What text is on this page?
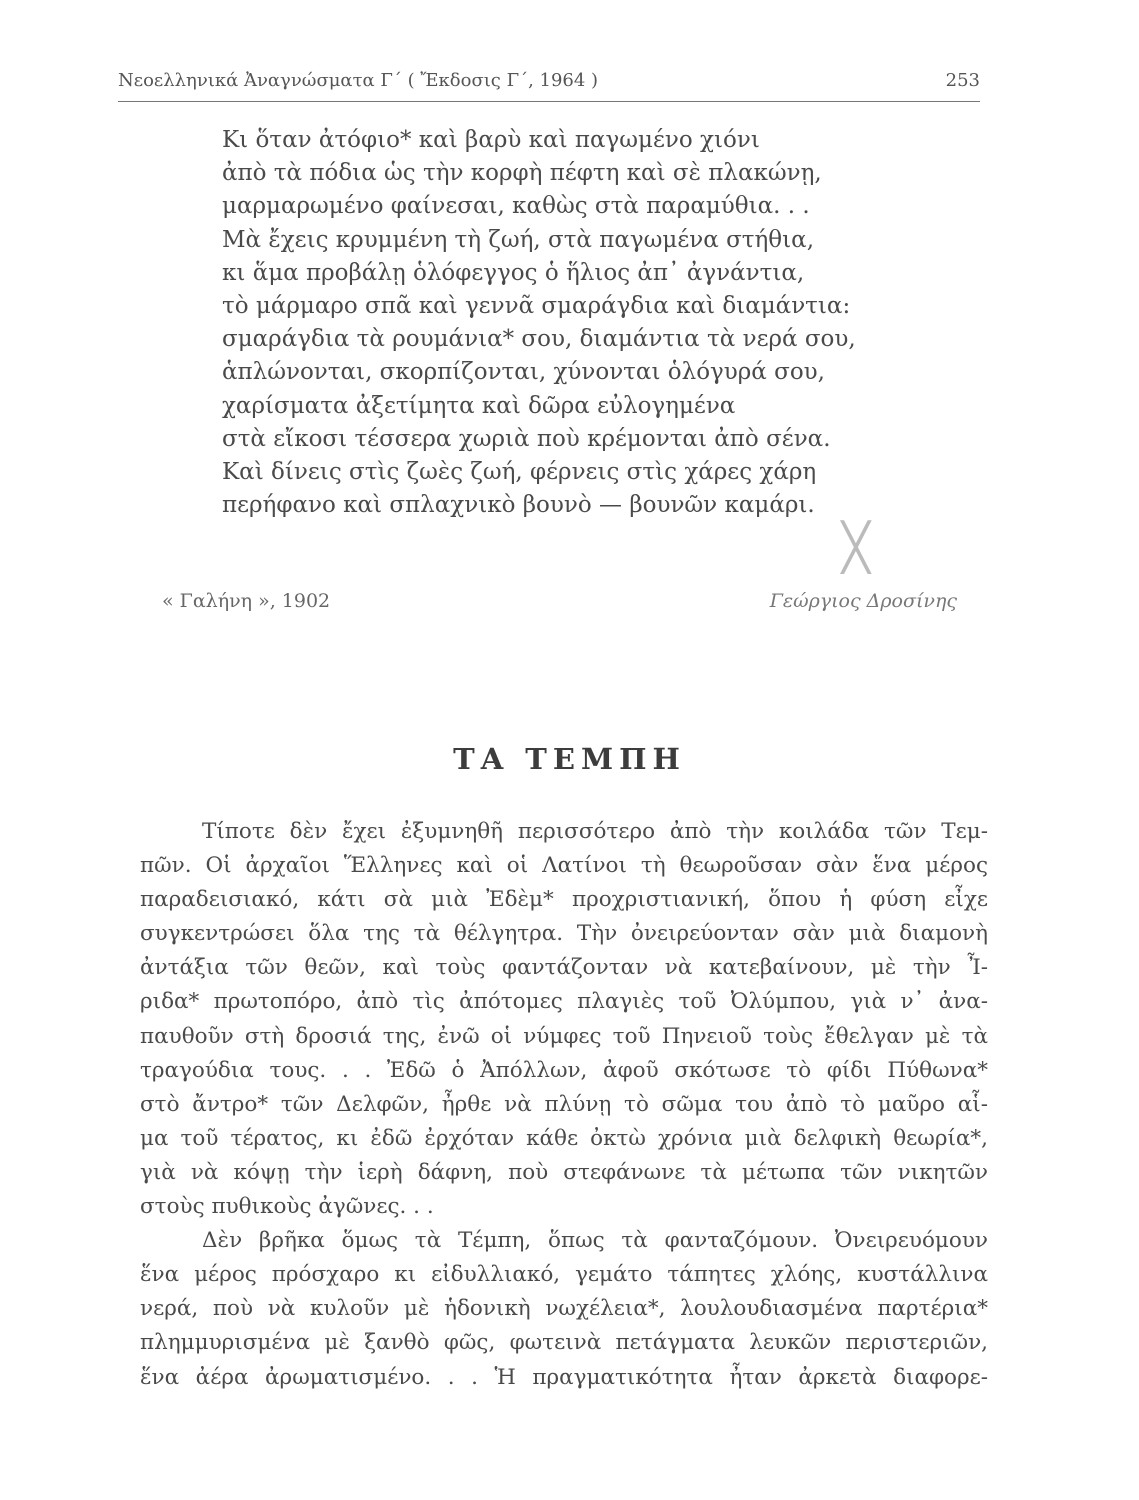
Νεοελληνικά Ἀναγνώσματα Γ΄ ( Ἔκδοσις Γ΄, 1964 )	253
Κι ὅταν ἀτόφιο* καὶ βαρὺ καὶ παγωμένο χιόνι
ἀπὸ τὰ πόδια ὡς τὴν κορφὴ πέφτη καὶ σὲ πλακώνῃ,
μαρμαρωμένο φαίνεσαι, καθὼς στὰ παραμύθια. . .
Μὰ ἔχεις κρυμμένη τὴ ζωή, στὰ παγωμένα στήθια,
κι ἅμα προβάλῃ ὁλόφεγγος ὁ ἥλιος ἀπ᾿ ἀγνάντια,
τὸ μάρμαρο σπᾶ καὶ γεννᾶ σμαράγδια καὶ διαμάντια:
σμαράγδια τὰ ρουμάνια* σου, διαμάντια τὰ νερά σου,
ἁπλώνονται, σκορπίζονται, χύνονται ὁλόγυρά σου,
χαρίσματα ἀξετίμητα καὶ δῶρα εὐλογημένα
στὰ εἴκοσι τέσσερα χωριὰ ποὺ κρέμονται ἀπὸ σένα.
Καὶ δίνεις στὶς ζωὲς ζωή, φέρνεις στὶς χάρες χάρη
περήφανο καὶ σπλαχνικὸ βουνὸ — βουνῶν καμάρι.
╳
« Γαλήνη », 1902	Γεώργιος Δροσίνης
ΤΑ ΤΕΜΠΗ
Τίποτε δὲν ἔχει ἐξυμνηθῆ περισσότερο ἀπὸ τὴν κοιλάδα τῶν Τεμ-
πῶν. Οἱ ἀρχαῖοι Ἕλληνες καὶ οἱ Λατίνοι τὴ θεωροῦσαν σὰν ἕνα μέρος
παραδεισιακό, κάτι σὰ μιὰ Ἐδὲμ* προχριστιανική, ὅπου ἡ φύση εἶχε
συγκεντρώσει ὅλα της τὰ θέλγητρα. Τὴν ὀνειρεύονταν σὰν μιὰ διαμονὴ
ἀντάξια τῶν θεῶν, καὶ τοὺς φαντάζονταν νὰ κατεβαίνουν, μὲ τὴν Ἶ-
ριδα* πρωτοπόρο, ἀπὸ τὶς ἀπότομες πλαγιὲς τοῦ Ὀλύμπου, γιὰ ν᾿ ἀνα-
παυθοῦν στὴ δροσιά της, ἐνῶ οἱ νύμφες τοῦ Πηνειοῦ τοὺς ἔθελγαν μὲ τὰ
τραγούδια τους. . . Ἐδῶ ὁ Ἀπόλλων, ἀφοῦ σκότωσε τὸ φίδι Πύθωνα*
στὸ ἄντρο* τῶν Δελφῶν, ἦρθε νὰ πλύνῃ τὸ σῶμα του ἀπὸ τὸ μαῦρο αἷ-
μα τοῦ τέρατος, κι ἐδῶ ἐρχόταν κάθε ὀκτὼ χρόνια μιὰ δελφικὴ θεωρία*,
γιὰ νὰ κόψῃ τὴν ἱερὴ δάφνη, ποὺ στεφάνωνε τὰ μέτωπα τῶν νικητῶν
στοὺς πυθικοὺς ἀγῶνες. . .
Δὲν βρῆκα ὅμως τὰ Τέμπη, ὅπως τὰ φανταζόμουν. Ὀνειρευόμουν
ἕνα μέρος πρόσχαρο κι εἰδυλλιακό, γεμάτο τάπητες χλόης, κυστάλλινα
νερά, ποὺ νὰ κυλοῦν μὲ ἡδονικὴ νωχέλεια*, λουλουδιασμένα παρτέρια*
πλημμυρισμένα μὲ ξανθὸ φῶς, φωτεινὰ πετάγματα λευκῶν περιστεριῶν,
ἕνα ἀέρα ἀρωματισμένο. . . Ἡ πραγματικότητα ἦταν ἀρκετὰ διαφορε-
